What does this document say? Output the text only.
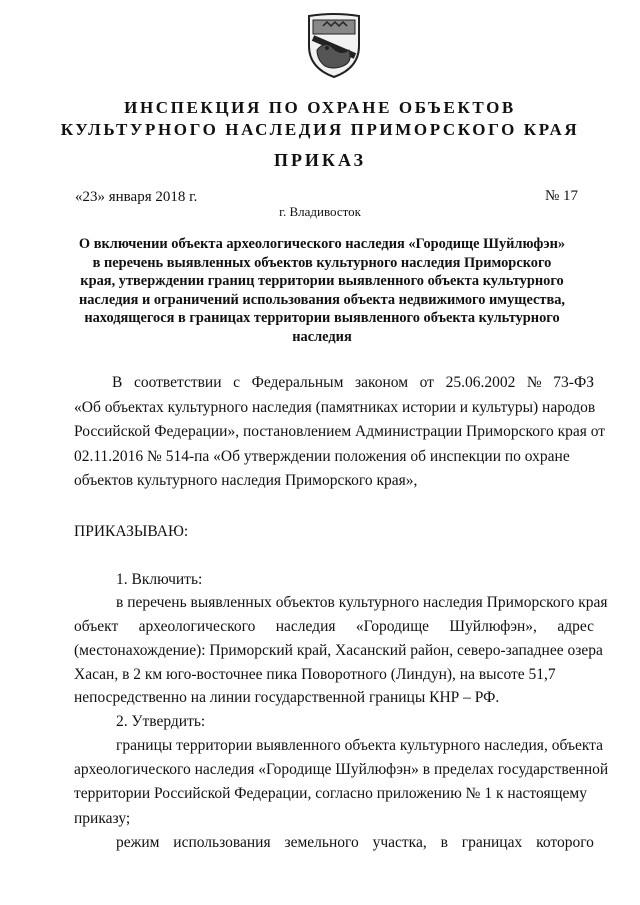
ИНСПЕКЦИЯ ПО ОХРАНЕ ОБЪЕКТОВ
КУЛЬТУРНОГО НАСЛЕДИЯ ПРИМОРСКОГО КРАЯ
ПРИКАЗ
«23» января 2018 г.	№ 17
г. Владивосток
О включении объекта археологического наследия «Городище Шуйлюфэн»
в перечень выявленных объектов культурного наследия Приморского
края, утверждении границ территории выявленного объекта культурного
наследия и ограничений использования объекта недвижимого имущества,
находящегося в границах территории выявленного объекта культурного
наследия
В соответствии с Федеральным законом от 25.06.2002 № 73-ФЗ
«Об объектах культурного наследия (памятниках истории и культуры) народов
Российской Федерации», постановлением Администрации Приморского края от
02.11.2016 № 514-па «Об утверждении положения об инспекции по охране
объектов культурного наследия Приморского края»,
ПРИКАЗЫВАЮ:
1. Включить:
в перечень выявленных объектов культурного наследия Приморского края
объект археологического наследия «Городище Шуйлюфэн», адрес
(местонахождение): Приморский край, Хасанский район, северо-западнее озера
Хасан, в 2 км юго-восточнее пика Поворотного (Линдун), на высоте 51,7
непосредственно на линии государственной границы КНР – РФ.
2. Утвердить:
границы территории выявленного объекта культурного наследия, объекта
археологического наследия «Городище Шуйлюфэн» в пределах государственной
территории Российской Федерации, согласно приложению № 1 к настоящему
приказу;
режим использования земельного участка, в границах которого
